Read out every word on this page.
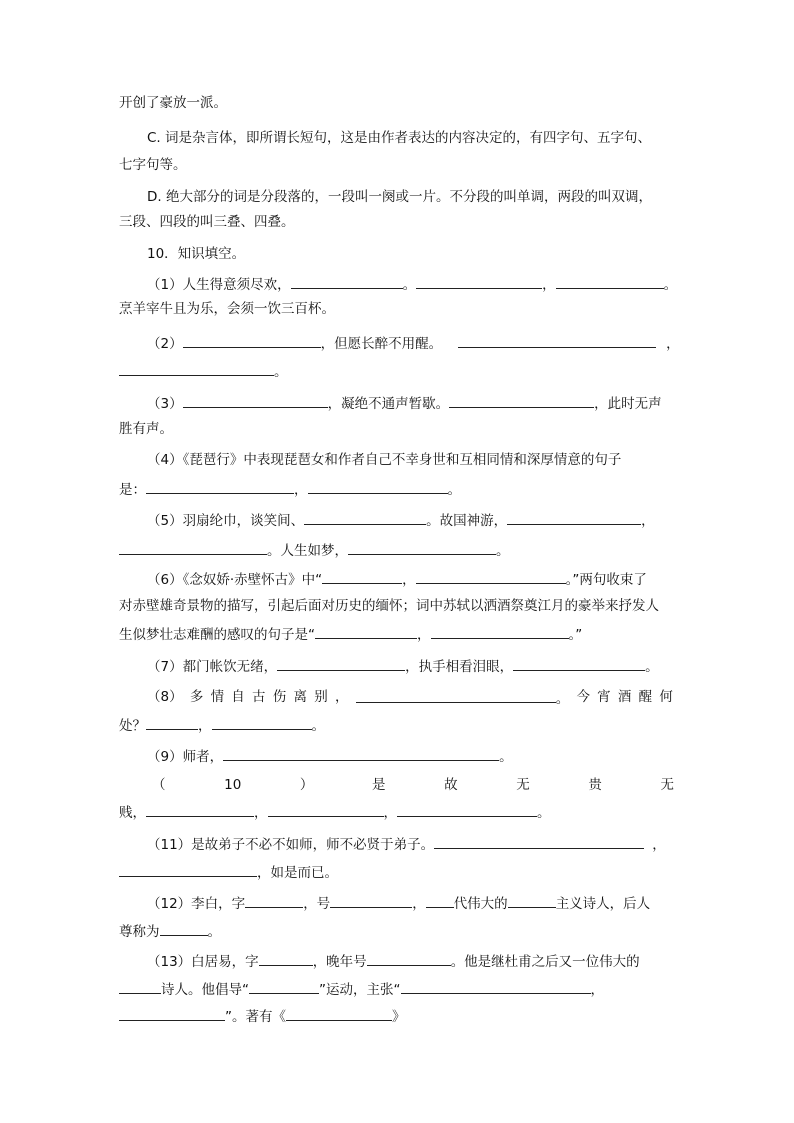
开创了豪放一派。
C. 词是杂言体，即所谓长短句，这是由作者表达的内容决定的，有四字句、五字句、
七字句等。
D. 绝大部分的词是分段落的，一段叫一阕或一片。不分段的叫单调，两段的叫双调，
三段、四段的叫三叠、四叠。
10．知识填空。
（1）人生得意须尽欢，	。	，	。
烹羊宰牛且为乐，会须一饮三百杯。
（2）	，但愿长醉不用醒。	，
。
（3）	，凝绝不通声暂歇。	，此时无声
胜有声。
（4）《琵琶行》中表现琵琶女和作者自己不幸身世和互相同情和深厚情意的句子
是：	，	。
（5）羽扇纶巾，谈笑间、	。故国神游，	，
。人生如梦，	。
（6）《念奴娇·赤壁怀古》中“	，	。”两句收束了
对赤壁雄奇景物的描写，引起后面对历史的缅怀；词中苏轼以洒酒祭奠江月的豪举来抒发人
生似梦壮志难酬的感叹的句子是“	，	。”
（7）都门帐饮无绪，	，执手相看泪眼，	。
（8） 多 情 自 古 伤 离 别 ，	。 今 宵 酒 醒 何
处？	，	。
（9）师者，	。
（	10	）	是	故	无	贵	无
贱，	，	，	。
（11）是故弟子不必不如师，师不必贤于弟子。	，
，如是而已。
（12）李白，字	，号	， 代伟大的	主义诗人，后人
尊称为	。
（13）白居易，字	，晚年号	。他是继杜甫之后又一位伟大的
诗人。他倡导“	”运动，主张“	，
”。著有《	》
